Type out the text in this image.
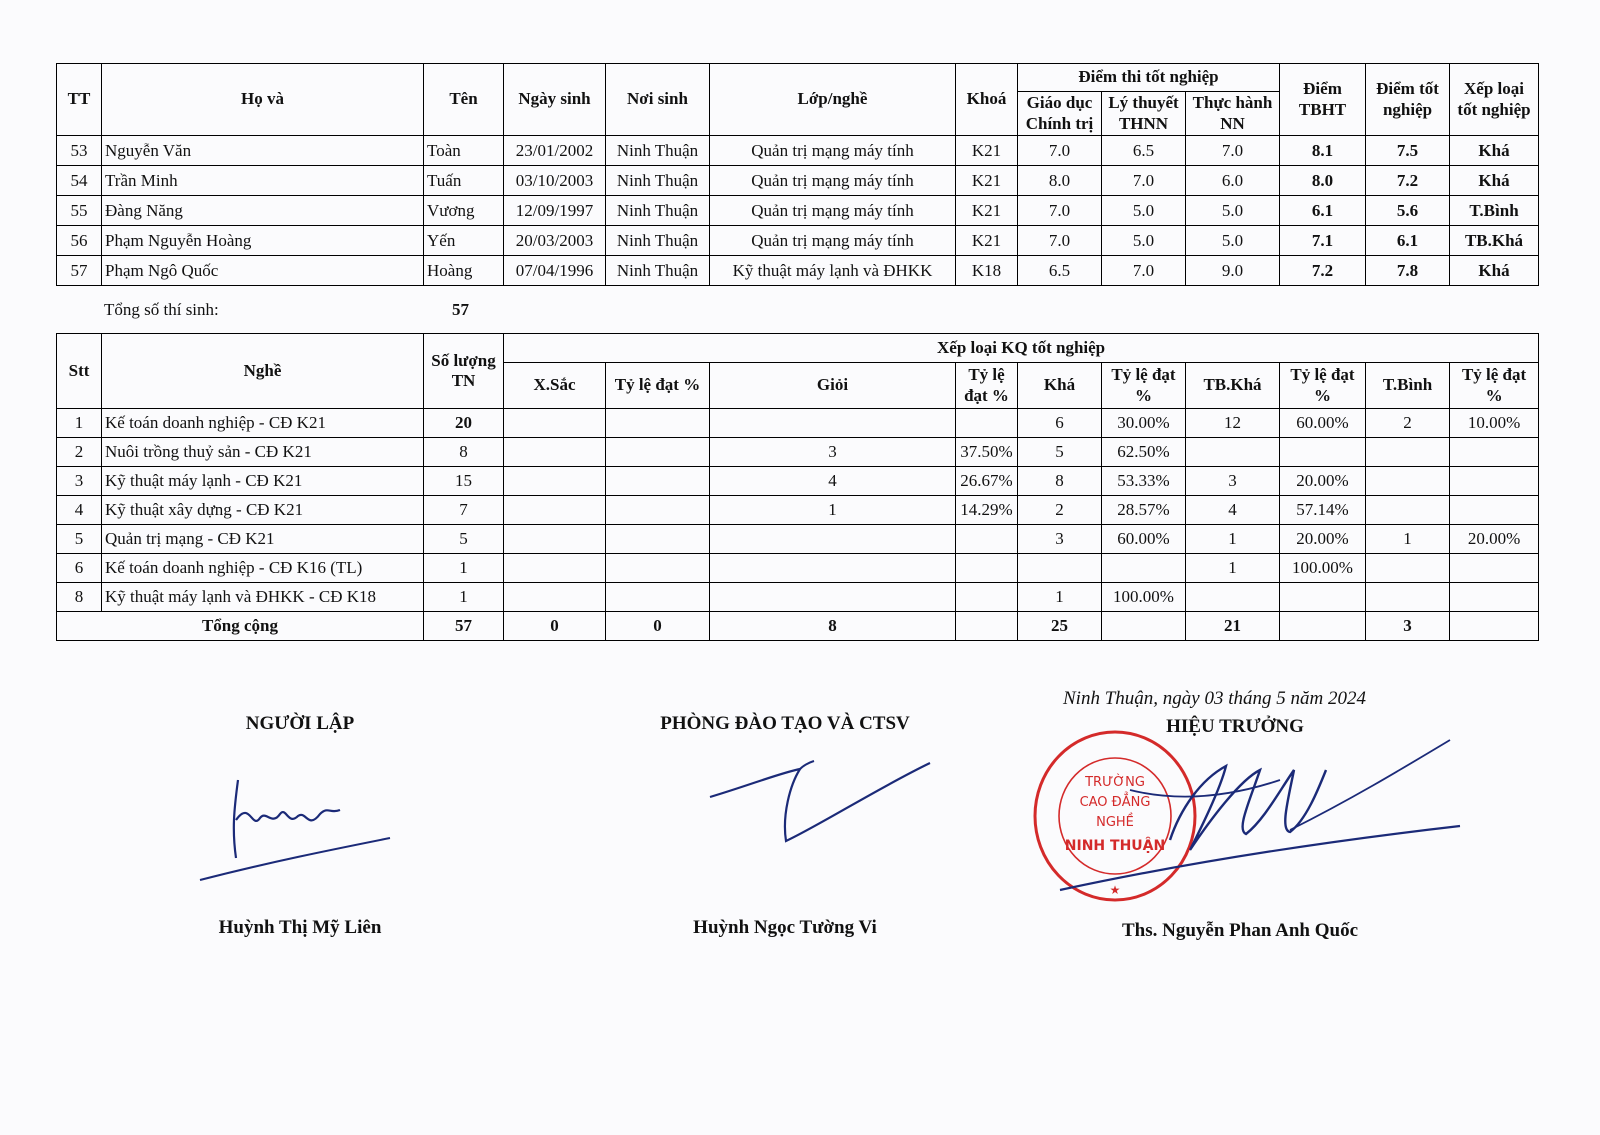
TT	Họ và	Tên	Ngày sinh	Nơi sinh	Lớp/nghề	Khoá	Điểm thi tốt nghiệp			Điểm TBHT	Điểm tốt nghiệp	Xếp loại tốt nghiệp
							Giáo dục Chính trị	Lý thuyết THNN	Thực hành NN			
53	Nguyễn Văn	Toàn	23/01/2002	Ninh Thuận	Quản trị mạng máy tính	K21	7.0	6.5	7.0	8.1	7.5	Khá
54	Trần Minh	Tuấn	03/10/2003	Ninh Thuận	Quản trị mạng máy tính	K21	8.0	7.0	6.0	8.0	7.2	Khá
55	Đàng Năng	Vương	12/09/1997	Ninh Thuận	Quản trị mạng máy tính	K21	7.0	5.0	5.0	6.1	5.6	T.Bình
56	Phạm Nguyễn Hoàng	Yến	20/03/2003	Ninh Thuận	Quản trị mạng máy tính	K21	7.0	5.0	5.0	7.1	6.1	TB.Khá
57	Phạm Ngô Quốc	Hoàng	07/04/1996	Ninh Thuận	Kỹ thuật máy lạnh và ĐHKK	K18	6.5	7.0	9.0	7.2	7.8	Khá
Tổng số thí sinh:	57
Stt	Nghề	Số lượng TN	Xếp loại KQ tốt nghiệp									
			X.Sắc	Tỷ lệ đạt %	Giỏi	Tỷ lệ đạt %	Khá	Tỷ lệ đạt %	TB.Khá	Tỷ lệ đạt %	T.Bình	Tỷ lệ đạt %
1	Kế toán doanh nghiệp - CĐ K21	20					6	30.00%	12	60.00%	2	10.00%
2	Nuôi trồng thuỷ sản - CĐ K21	8			3	37.50%	5	62.50%				
3	Kỹ thuật máy lạnh - CĐ K21	15			4	26.67%	8	53.33%	3	20.00%		
4	Kỹ thuật xây dựng - CĐ K21	7			1	14.29%	2	28.57%	4	57.14%		
5	Quản trị mạng - CĐ K21	5					3	60.00%	1	20.00%	1	20.00%
6	Kế toán doanh nghiệp - CĐ K16 (TL)	1							1	100.00%		
8	Kỹ thuật máy lạnh và ĐHKK - CĐ K18	1					1	100.00%				
Tổng cộng		57	0	0	8		25		21		3	
Ninh Thuận, ngày 03 tháng 5 năm 2024
NGƯỜI LẬP	PHÒNG ĐÀO TẠO VÀ CTSV	HIỆU TRƯỞNG
TRƯỜNG
CAO ĐẲNG
NGHỀ
NINH THUẬN
★
Huỳnh Thị Mỹ Liên	Huỳnh Ngọc Tường Vi	Ths. Nguyễn Phan Anh Quốc
